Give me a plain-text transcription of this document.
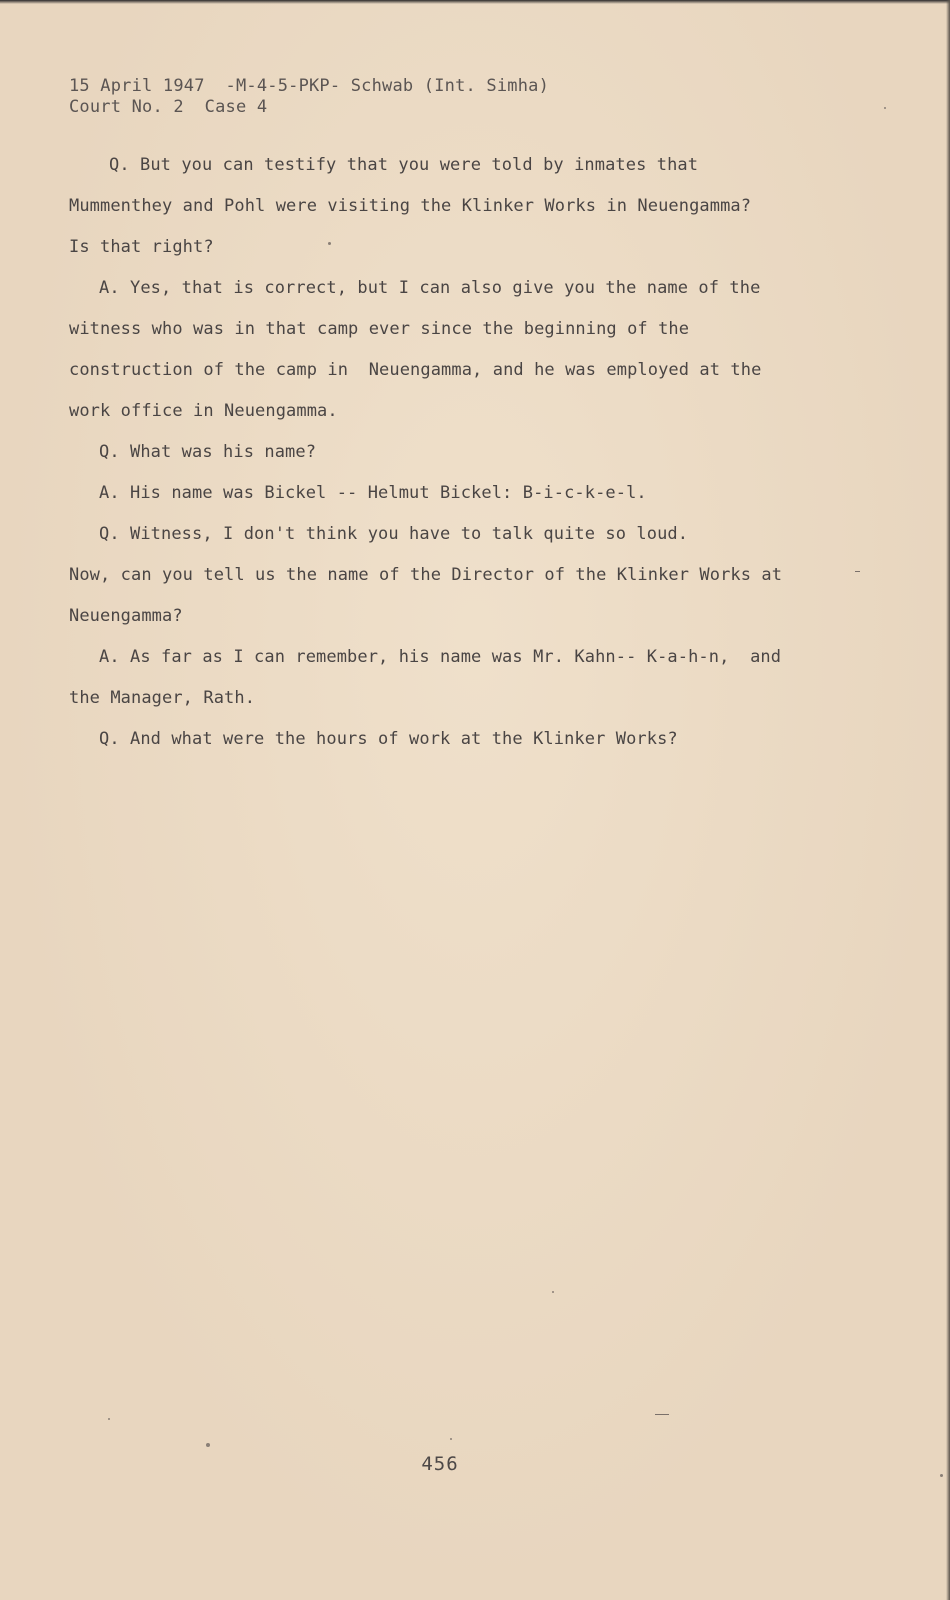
15 April 1947  -M-4-5-PKP- Schwab (Int. Simha)
Court No. 2  Case 4
Q. But you can testify that you were told by inmates that
Mummenthey and Pohl were visiting the Klinker Works in Neuengamma?
Is that right?
A. Yes, that is correct, but I can also give you the name of the
witness who was in that camp ever since the beginning of the
construction of the camp in  Neuengamma, and he was employed at the
work office in Neuengamma.
Q. What was his name?
A. His name was Bickel -- Helmut Bickel: B-i-c-k-e-l.
Q. Witness, I don't think you have to talk quite so loud.
Now, can you tell us the name of the Director of the Klinker Works at
Neuengamma?
A. As far as I can remember, his name was Mr. Kahn-- K-a-h-n,  and
the Manager, Rath.
Q. And what were the hours of work at the Klinker Works?
456
